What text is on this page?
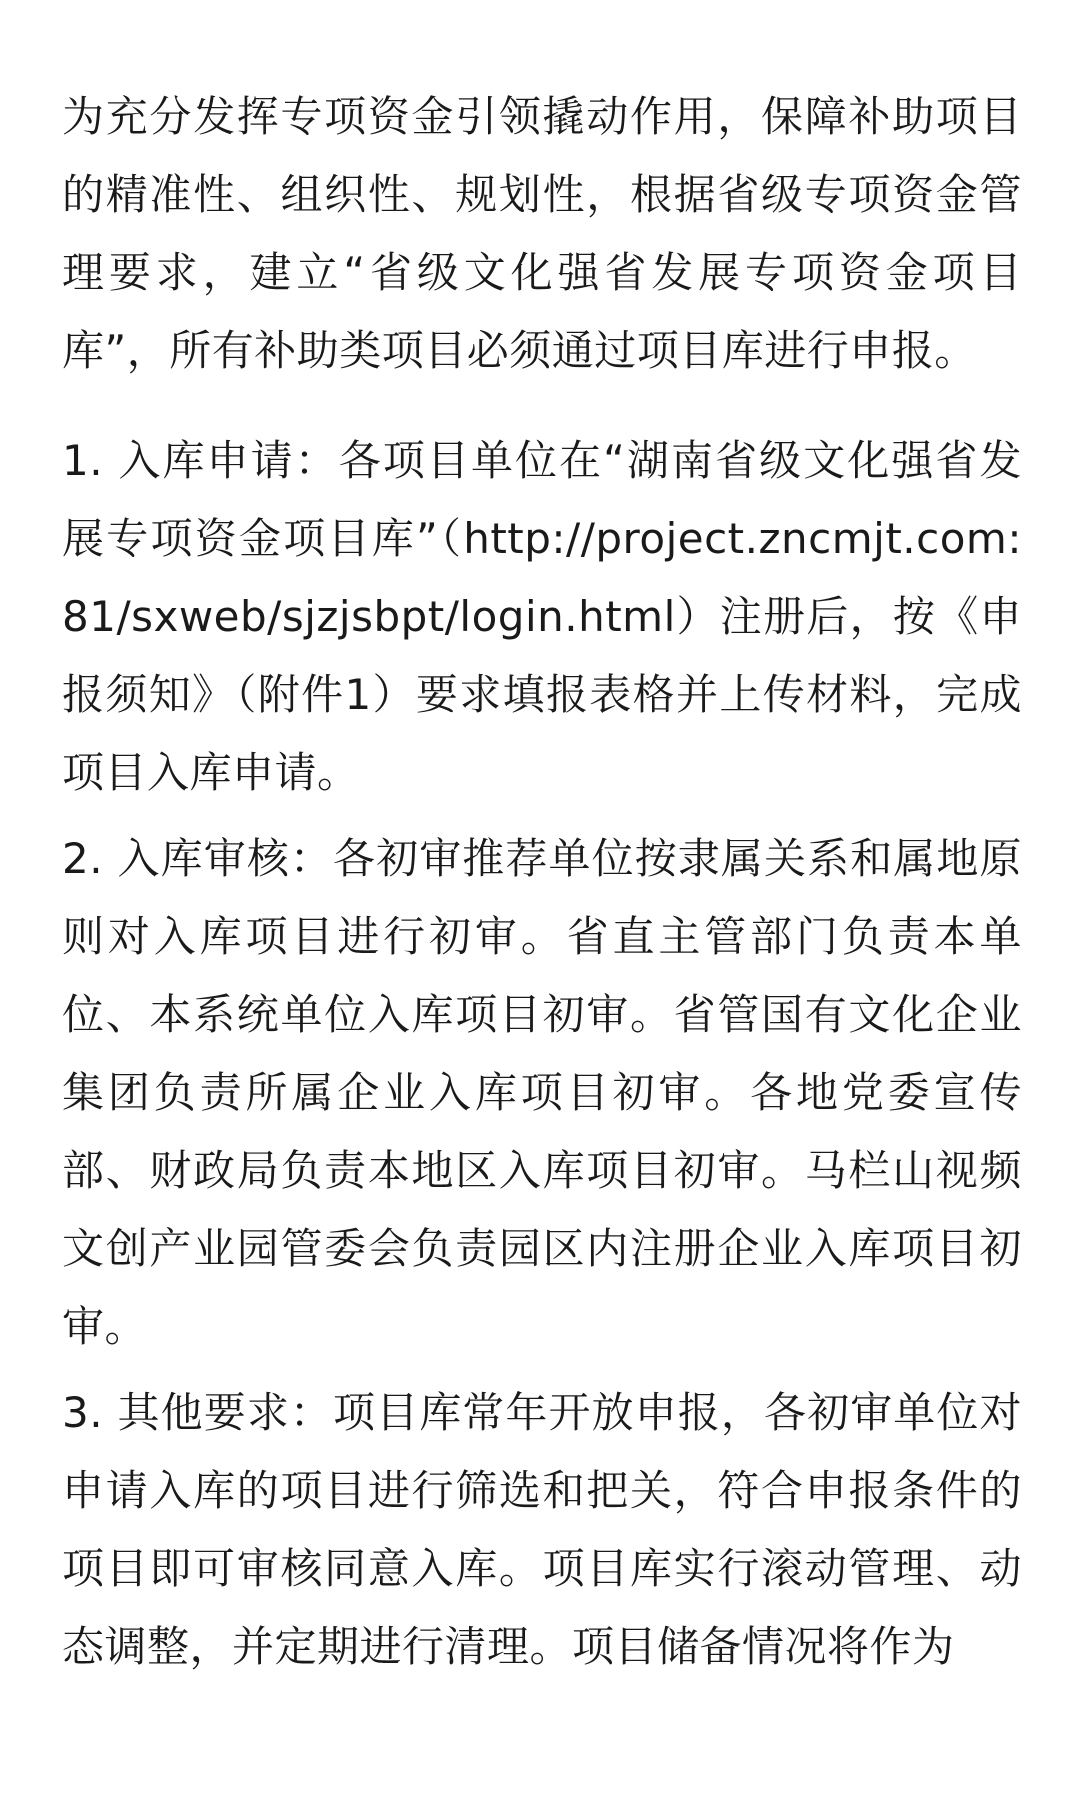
为充分发挥专项资金引领撬动作用，保障补助项目的精准性、组织性、规划性，根据省级专项资金管理要求，建立“省级文化强省发展专项资金项目库”，所有补助类项目必须通过项目库进行申报。

1. 入库申请：各项目单位在“湖南省级文化强省发展专项资金项目库”（http://project.zncmjt.com:81/sxweb/sjzjsbpt/login.html）注册后，按《申报须知》（附件1）要求填报表格并上传材料，完成项目入库申请。

2. 入库审核：各初审推荐单位按隶属关系和属地原则对入库项目进行初审。省直主管部门负责本单位、本系统单位入库项目初审。省管国有文化企业集团负责所属企业入库项目初审。各地党委宣传部、财政局负责本地区入库项目初审。马栏山视频文创产业园管委会负责园区内注册企业入库项目初审。

3. 其他要求：项目库常年开放申报，各初审单位对申请入库的项目进行筛选和把关，符合申报条件的项目即可审核同意入库。项目库实行滚动管理、动态调整，并定期进行清理。项目储备情况将作为
